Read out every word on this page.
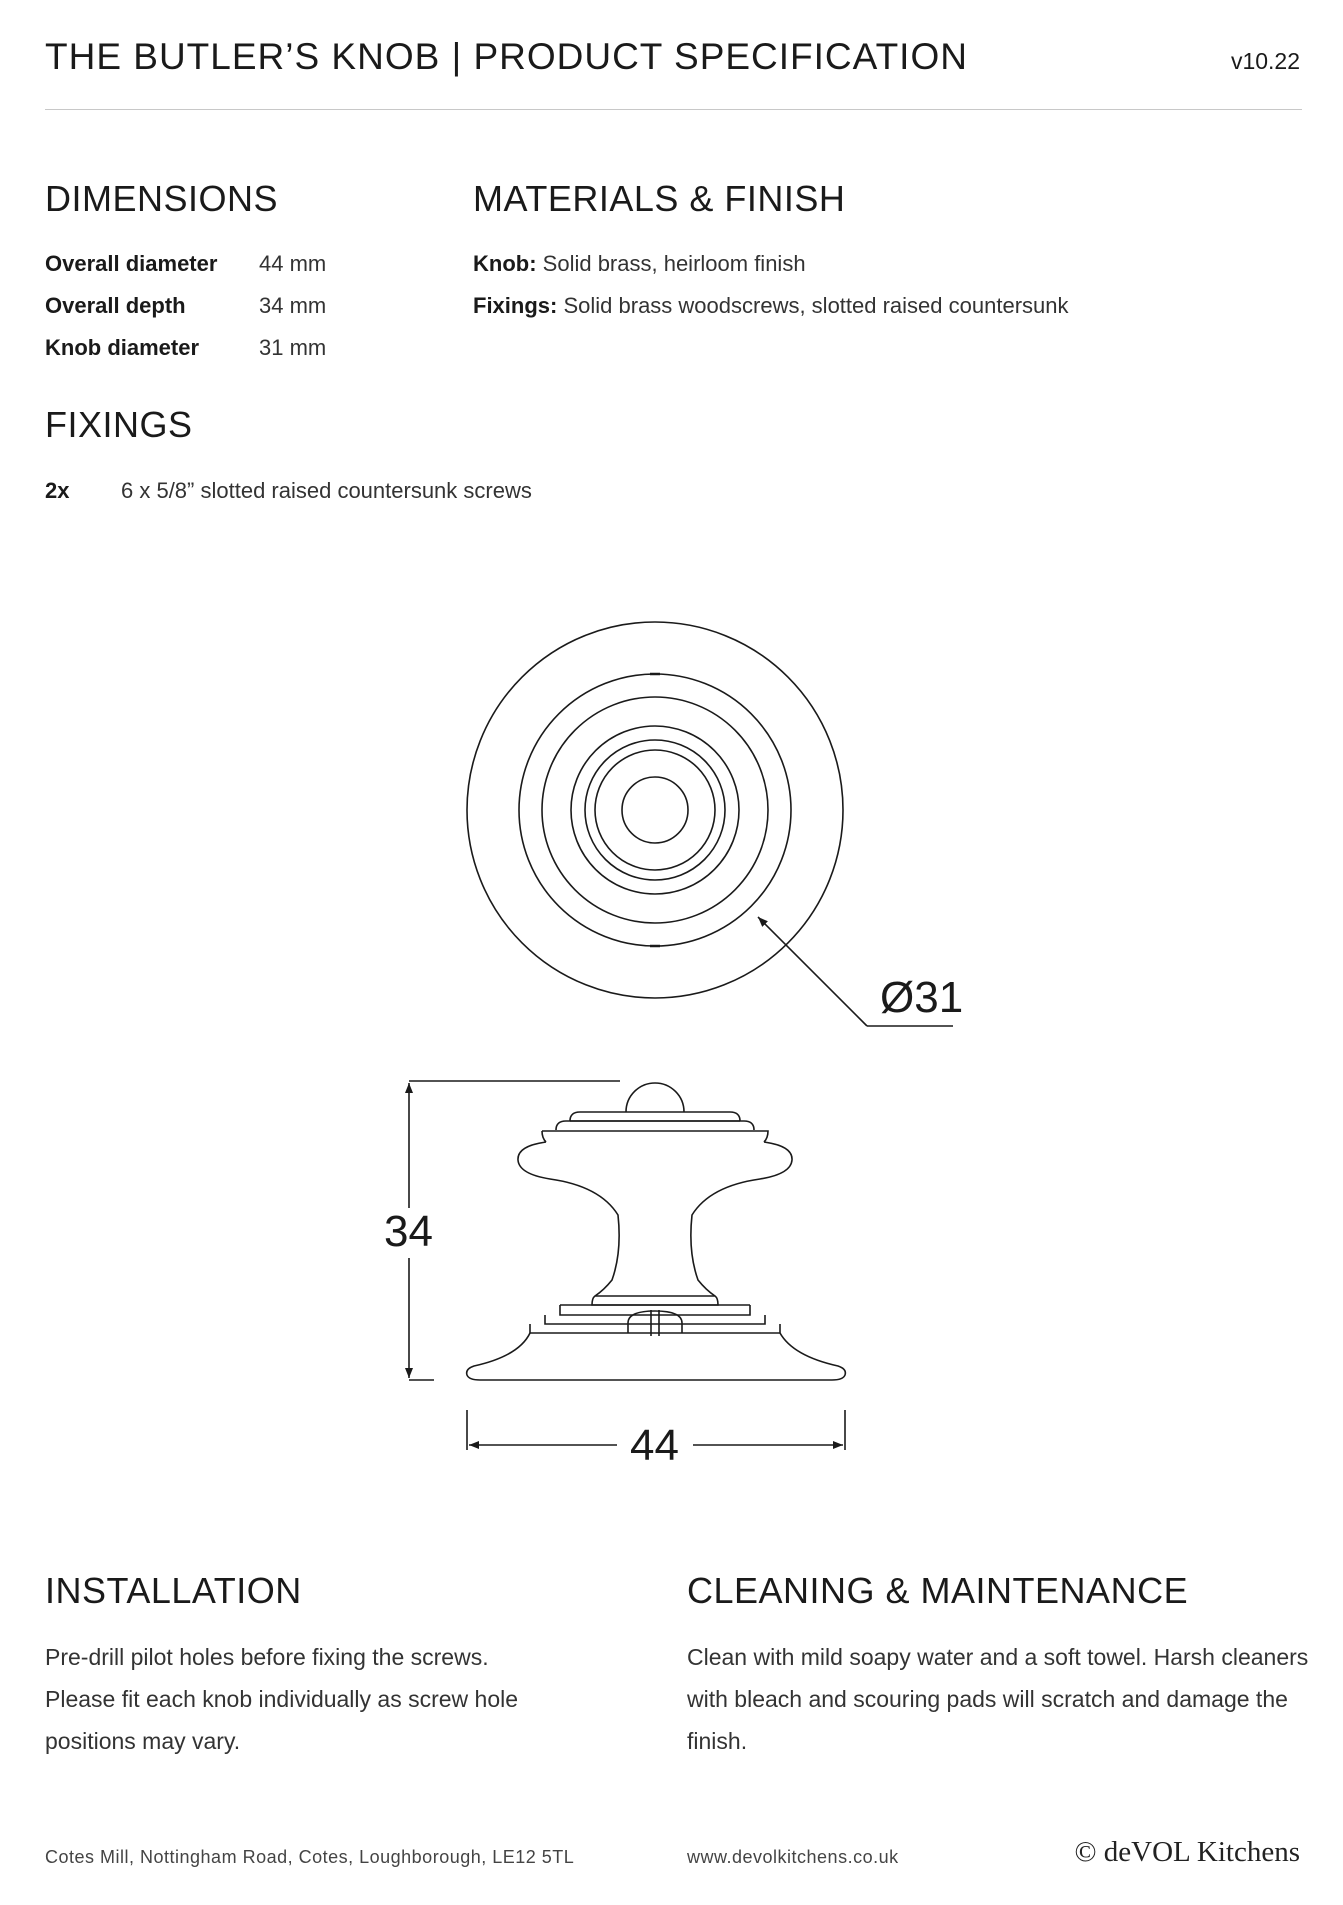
THE BUTLER’S KNOB | PRODUCT SPECIFICATION	v10.22
DIMENSIONS
Overall diameter 44 mm
Overall depth	34 mm
Knob diameter	31 mm
MATERIALS & FINISH
Knob: Solid brass, heirloom finish
Fixings: Solid brass woodscrews, slotted raised countersunk
FIXINGS
2x 6 x 5/8” slotted raised countersunk screws
Ø31
34
44
INSTALLATION
Pre-drill pilot holes before fixing the screws.
Please fit each knob individually as screw hole
positions may vary.
CLEANING & MAINTENANCE
Clean with mild soapy water and a soft towel. Harsh cleaners
with bleach and scouring pads will scratch and damage the
finish.
Cotes Mill, Nottingham Road, Cotes, Loughborough, LE12 5TL	www.devolkitchens.co.uk	© deVOL Kitchens
